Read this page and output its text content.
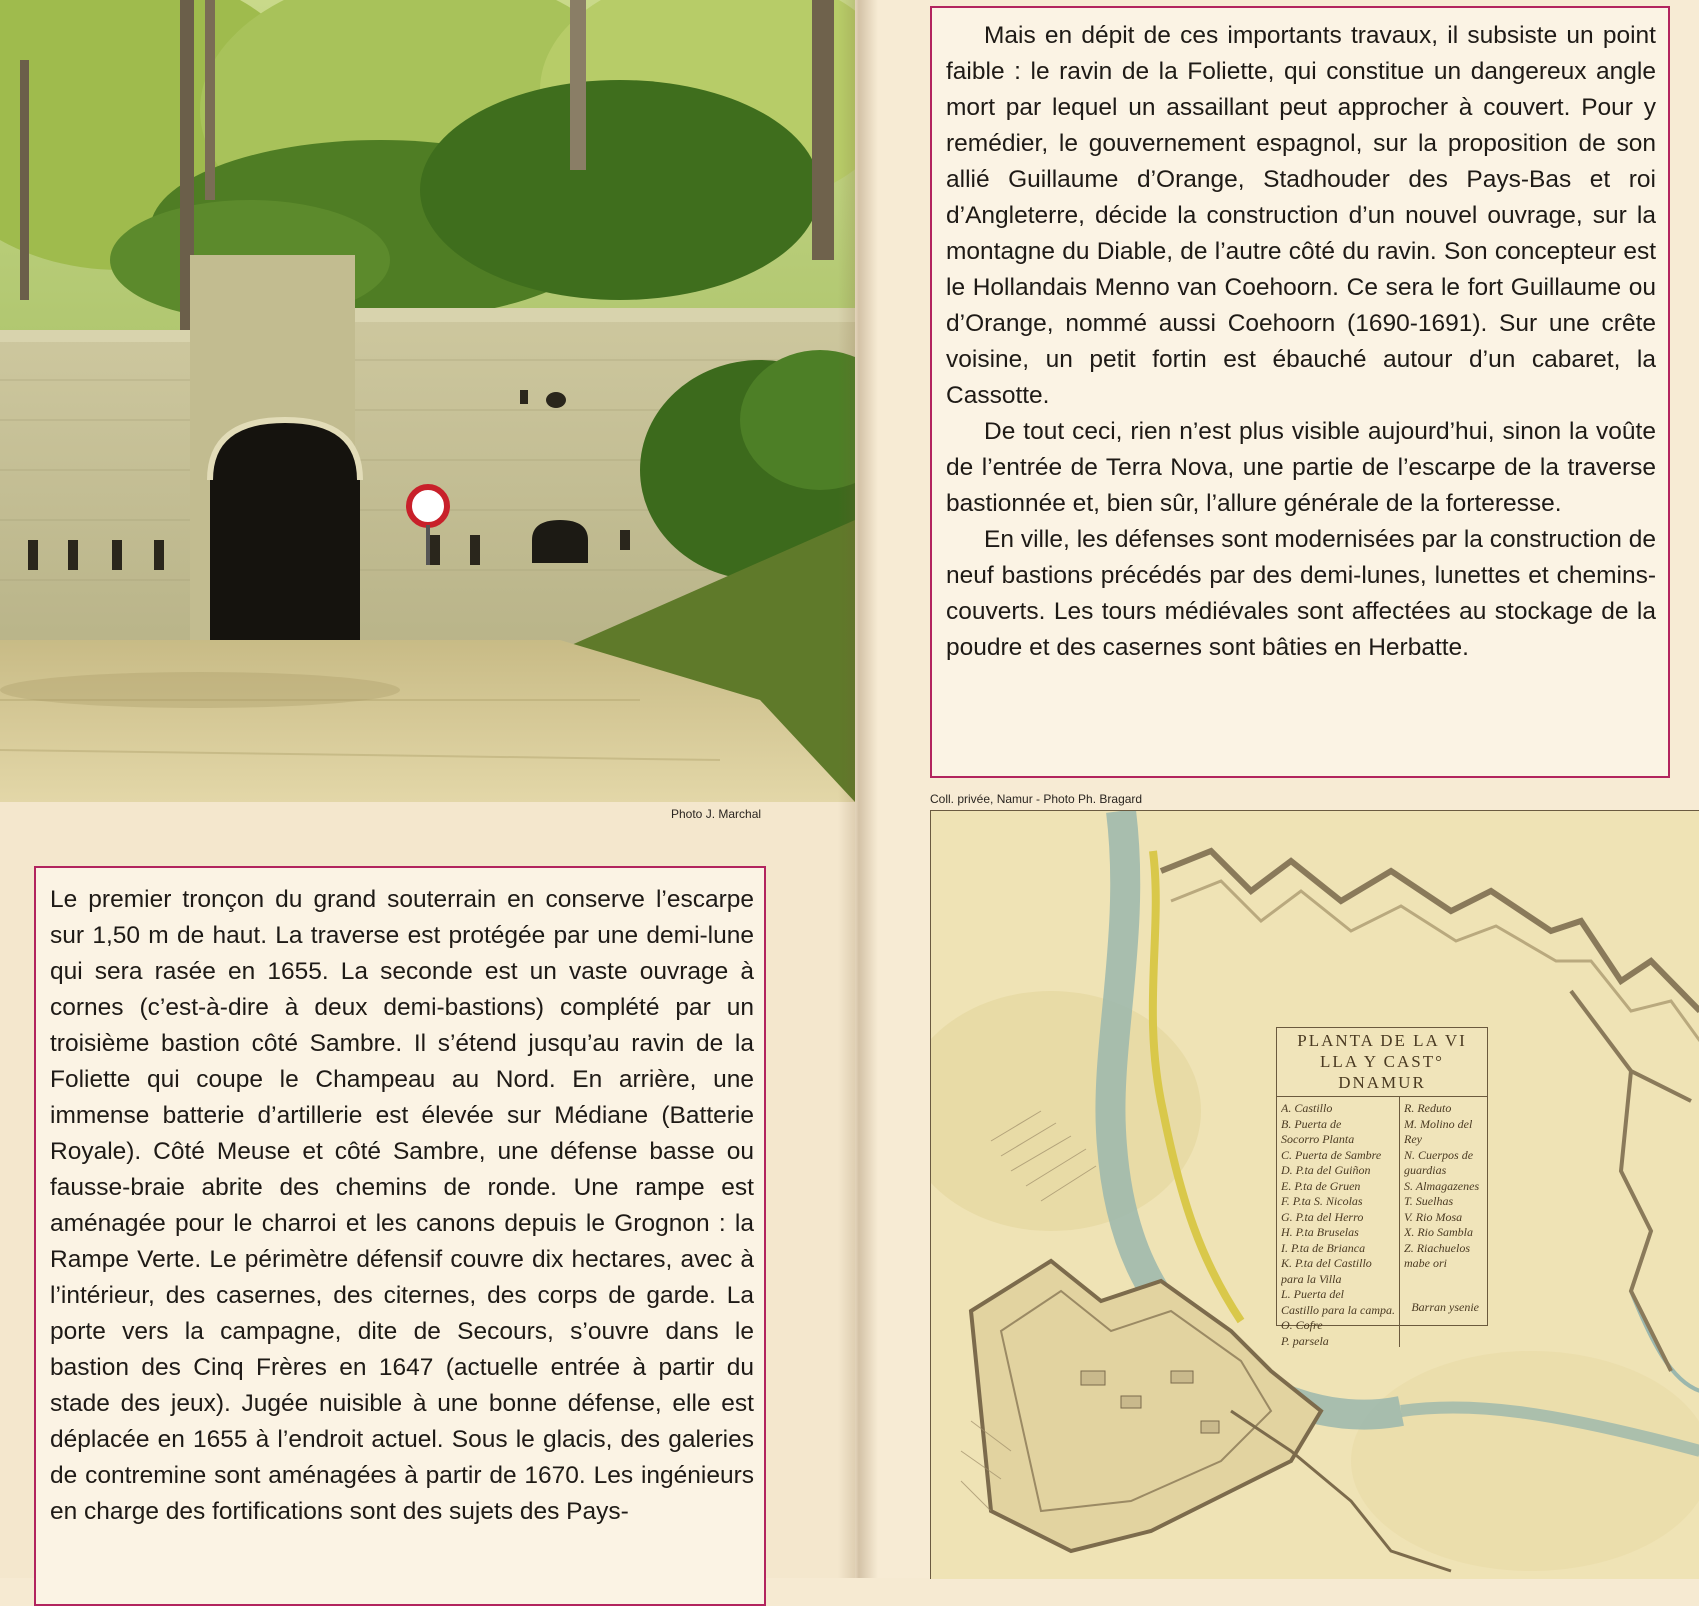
Photo J. Marchal

Mais en dépit de ces importants travaux, il subsiste un point faible : le ravin de la Foliette, qui constitue un dangereux angle mort par lequel un assaillant peut approcher à couvert. Pour y remédier, le gouvernement espagnol, sur la proposition de son allié Guillaume d’Orange, Stadhouder des Pays-Bas et roi d’Angleterre, décide la construction d’un nouvel ouvrage, sur la montagne du Diable, de l’autre côté du ravin. Son concepteur est le Hollandais Menno van Coehoorn. Ce sera le fort Guillaume ou d’Orange, nommé aussi Coehoorn (1690-1691). Sur une crête voisine, un petit fortin est ébauché autour d’un cabaret, la Cassotte.

De tout ceci, rien n’est plus visible aujourd’hui, sinon la voûte de l’entrée de Terra Nova, une partie de l’escarpe de la traverse bastionnée et, bien sûr, l’allure générale de la forteresse.

En ville, les défenses sont modernisées par la construction de neuf bastions précédés par des demi-lunes, lunettes et chemins-couverts. Les tours médiévales sont affectées au stockage de la poudre et des casernes sont bâties en Herbatte.

Coll. privée, Namur - Photo Ph. Bragard
PLANTA DE LA VI
LLA Y CAST° DNAMUR
A. Castillo
B. Puerta de
Socorro Planta
C. Puerta de Sambre
D. P.ta del Guiñon
E. P.ta de Gruen
F. P.ta S. Nicolas
G. P.ta del Herro
H. P.ta Bruselas
I. P.ta de Brianca
K. P.ta del Castillo
para la Villa
L. Puerta del
Castillo para la campa.
O. Cofre
P. parsela
R. Reduto
M. Molino del
Rey
N. Cuerpos de
guardias
S. Almagazenes
T. Suelhas
V. Rio Mosa
X. Rio Sambla
Z. Riachuelos
mabe ori
Barran ysenie

Le premier tronçon du grand souterrain en conserve l’escarpe sur 1,50 m de haut. La traverse est protégée par une demi-lune qui sera rasée en 1655. La seconde est un vaste ouvrage à cornes (c’est-à-dire à deux demi-bastions) complété par un troisième bastion côté Sambre. Il s’étend jusqu’au ravin de la Foliette qui coupe le Champeau au Nord. En arrière, une immense batterie d’artillerie est élevée sur Médiane (Batterie Royale). Côté Meuse et côté Sambre, une défense basse ou fausse-braie abrite des chemins de ronde. Une rampe est aménagée pour le charroi et les canons depuis le Grognon : la Rampe Verte. Le périmètre défensif couvre dix hectares, avec à l’intérieur, des casernes, des citernes, des corps de garde. La porte vers la campagne, dite de Secours, s’ouvre dans le bastion des Cinq Frères en 1647 (actuelle entrée à partir du stade des jeux). Jugée nuisible à une bonne défense, elle est déplacée en 1655 à l’endroit actuel. Sous le glacis, des galeries de contremine sont aménagées à partir de 1670. Les ingénieurs en charge des fortifications sont des sujets des Pays-
